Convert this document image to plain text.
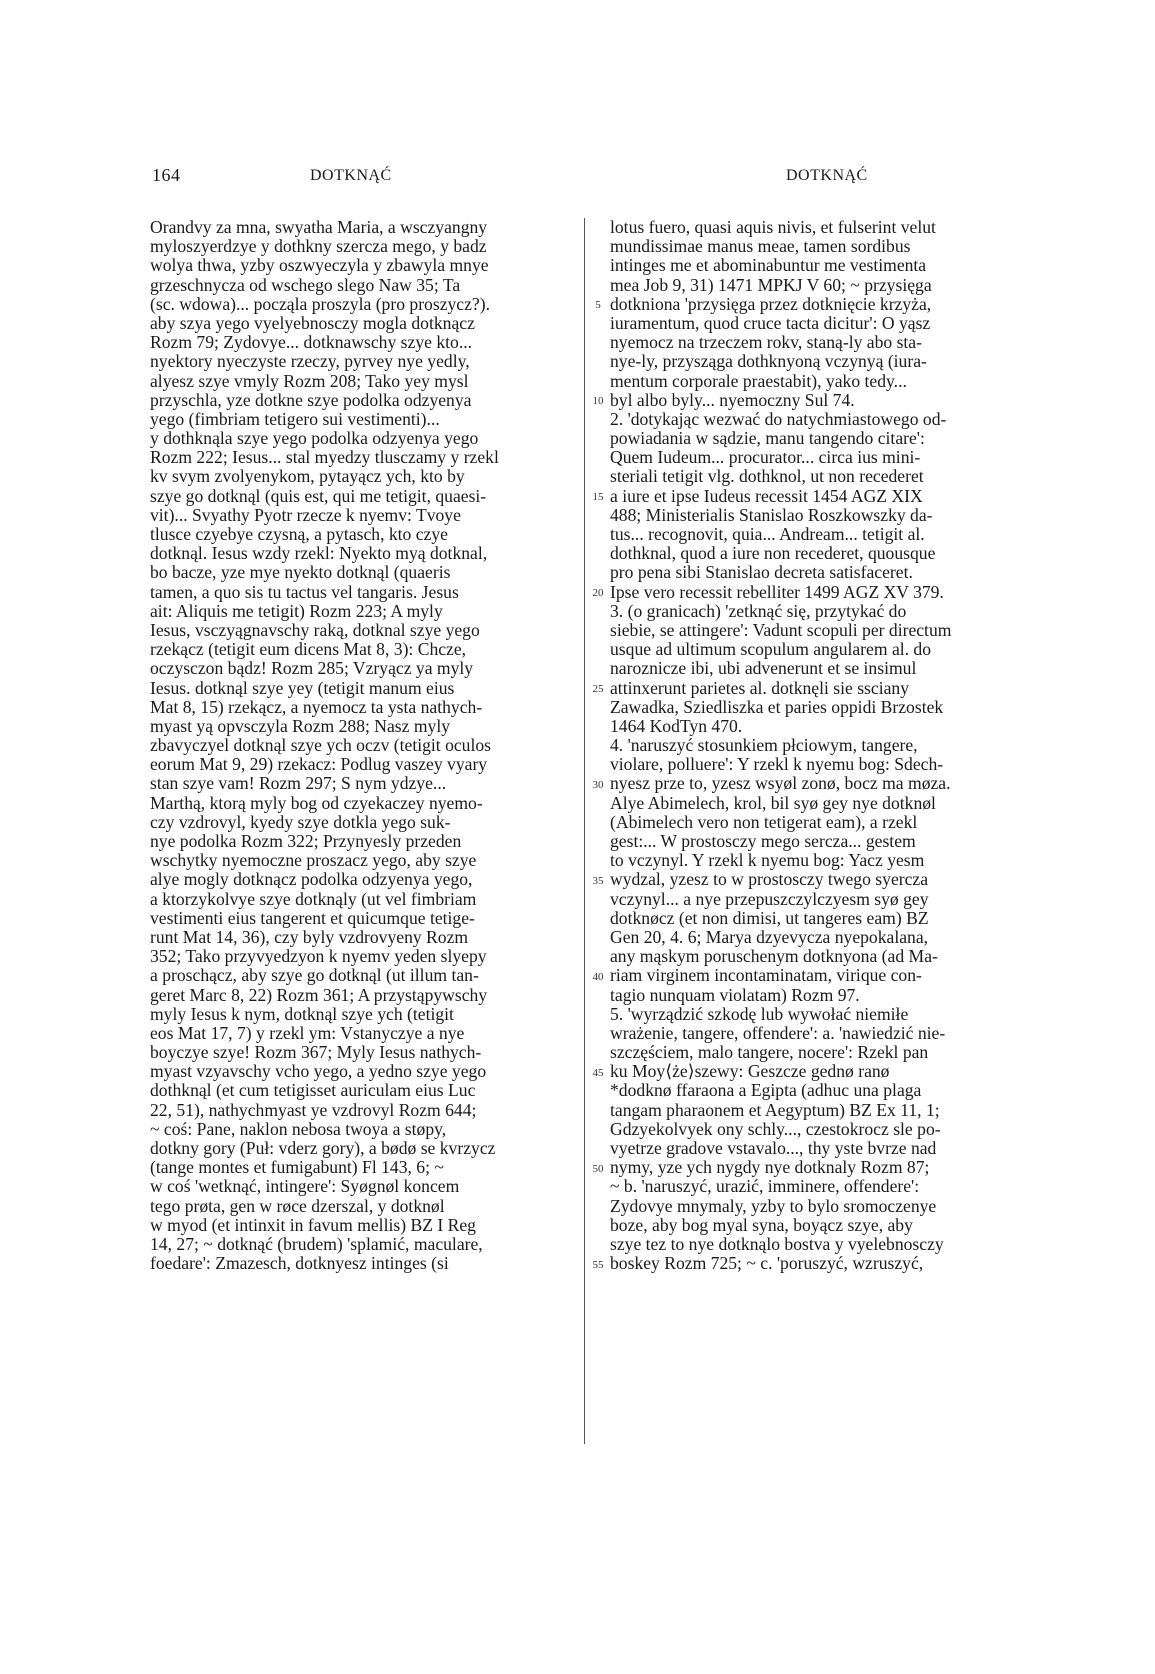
164	DOTKNĄĆ	DOTKNĄĆ
Orandvy za mna, swyatha Maria, a wsczyangny
myloszyerdzye y dothkny szercza mego, y badz
wolya thwa, yzby oszwyeczyla y zbawyla mnye
grzeschnycza od wschego slego Naw 35; Ta
(sc. wdowa)... począla proszyla (pro proszycz?).
aby szya yego vyelyebnosczy mogla dotknącz
Rozm 79; Zydovye... dotknawschy szye kto...
nyektory nyeczyste rzeczy, pyrvey nye yedly,
alyesz szye vmyly Rozm 208; Tako yey mysl
przyschla, yze dotkne szye podolka odzyenya
yego (fimbriam tetigero sui vestimenti)...
y dothknąla szye yego podolka odzyenya yego
Rozm 222; Iesus... stal myedzy tlusczamy y rzekl
kv svym zvolyenykom, pytayącz ych, kto by
szye go dotknąl (quis est, qui me tetigit, quaesi-
vit)... Svyathy Pyotr rzecze k nyemv: Tvoye
tlusce czyebye czysną, a pytasch, kto czye
dotknąl. Iesus wzdy rzekl: Nyekto myą dotknal,
bo bacze, yze mye nyekto dotknąl (quaeris
tamen, a quo sis tu tactus vel tangaris. Jesus
ait: Aliquis me tetigit) Rozm 223; A myly
Iesus, vsczyągnavschy raką, dotknal szye yego
rzekącz (tetigit eum dicens Mat 8, 3): Chcze,
oczysczon bądz! Rozm 285; Vzryącz ya myly
Iesus. dotknąl szye yey (tetigit manum eius
Mat 8, 15) rzekącz, a nyemocz ta ysta nathych-
myast yą opvsczyla Rozm 288; Nasz myly
zbavyczyel dotknąl szye ych oczv (tetigit oculos
eorum Mat 9, 29) rzekacz: Podlug vaszey vyary
stan szye vam! Rozm 297; S nym ydzye...
Marthą, ktorą myly bog od czyekaczey nyemo-
czy vzdrovyl, kyedy szye dotkla yego suk-
nye podolka Rozm 322; Przynyesly przeden
wschytky nyemoczne proszacz yego, aby szye
alye mogly dotknącz podolka odzyenya yego,
a ktorzykolvye szye dotknąly (ut vel fimbriam
vestimenti eius tangerent et quicumque tetige-
runt Mat 14, 36), czy byly vzdrovyeny Rozm
352; Tako przyvyedzyon k nyemv yeden slyepy
a proschącz, aby szye go dotknąl (ut illum tan-
geret Marc 8, 22) Rozm 361; A przystąpywschy
myly Iesus k nym, dotknąl szye ych (tetigit
eos Mat 17, 7) y rzekl ym: Vstanyczye a nye
boyczye szye! Rozm 367; Myly Iesus nathych-
myast vzyavschy vcho yego, a yedno szye yego
dothknąl (et cum tetigisset auriculam eius Luc
22, 51), nathychmyast ye vzdrovyl Rozm 644;
~ coś: Pane, naklon nebosa twoya a støpy,
dotkny gory (Puł: vderz gory), a bødø se kvrzycz
(tange montes et fumigabunt) Fl 143, 6; ~
w coś 'wetknąć, intingere': Syøgnøl koncem
tego prøta, gen w røce dzerszal, y dotknøl
w myod (et intinxit in favum mellis) BZ I Reg
14, 27; ~ dotknąć (brudem) 'splamić, maculare,
foedare': Zmazesch, dotknyesz intinges (si
5
10
15
20
25
30
35
40
45
50
55
lotus fuero, quasi aquis nivis, et fulserint velut
mundissimae manus meae, tamen sordibus
intinges me et abominabuntur me vestimenta
mea Job 9, 31) 1471 MPKJ V 60; ~ przysięga
dotkniona 'przysięga przez dotknięcie krzyża,
iuramentum, quod cruce tacta dicitur': O yąsz
nyemocz na trzeczem rokv, staną-ly abo sta-
nye-ly, przysząga dothknyoną vczynyą (iura-
mentum corporale praestabit), yako tedy...
byl albo byly... nyemoczny Sul 74.
2. 'dotykając wezwać do natychmiastowego od-
powiadania w sądzie, manu tangendo citare':
Quem Iudeum... procurator... circa ius mini-
steriali tetigit vlg. dothknol, ut non recederet
a iure et ipse Iudeus recessit 1454 AGZ XIX
488; Ministerialis Stanislao Roszkowszky da-
tus... recognovit, quia... Andream... tetigit al.
dothknal, quod a iure non recederet, quousque
pro pena sibi Stanislao decreta satisfaceret.
Ipse vero recessit rebelliter 1499 AGZ XV 379.
3. (o granicach) 'zetknąć się, przytykać do
siebie, se attingere': Vadunt scopuli per directum
usque ad ultimum scopulum angularem al. do
naroznicze ibi, ubi advenerunt et se insimul
attinxerunt parietes al. dotknęli sie ssciany
Zawadka, Sziedliszka et paries oppidi Brzostek
1464 KodTyn 470.
4. 'naruszyć stosunkiem płciowym, tangere,
violare, polluere': Y rzekl k nyemu bog: Sdech-
nyesz prze to, yzesz wsyøl zonø, bocz ma møza.
Alye Abimelech, krol, bil syø gey nye dotknøl
(Abimelech vero non tetigerat eam), a rzekl
gest:... W prostosczy mego sercza... gestem
to vczynyl. Y rzekl k nyemu bog: Yacz yesm
wydzal, yzesz to w prostosczy twego syercza
vczynyl... a nye przepuszczylczyesm syø gey
dotknøcz (et non dimisi, ut tangeres eam) BZ
Gen 20, 4. 6; Marya dzyevycza nyepokalana,
any mąskym poruschenym dotknyona (ad Ma-
riam virginem incontaminatam, virique con-
tagio nunquam violatam) Rozm 97.
5. 'wyrządzić szkodę lub wywołać niemiłe
wrażenie, tangere, offendere': a. 'nawiedzić nie-
szczęściem, malo tangere, nocere': Rzekl pan
ku Moy⟨że⟩szewy: Geszcze gednø ranø
*dodknø ffaraona a Egipta (adhuc una plaga
tangam pharaonem et Aegyptum) BZ Ex 11, 1;
Gdzyekolvyek ony schly..., czestokrocz sle po-
vyetrze gradove vstavalo..., thy yste bvrze nad
nymy, yze ych nygdy nye dotknaly Rozm 87;
~ b. 'naruszyć, urazić, imminere, offendere':
Zydovye mnymaly, yzby to bylo sromoczenye
boze, aby bog myal syna, boyącz szye, aby
szye tez to nye dotknąlo bostva y vyelebnosczy
boskey Rozm 725; ~ c. 'poruszyć, wzruszyć,
